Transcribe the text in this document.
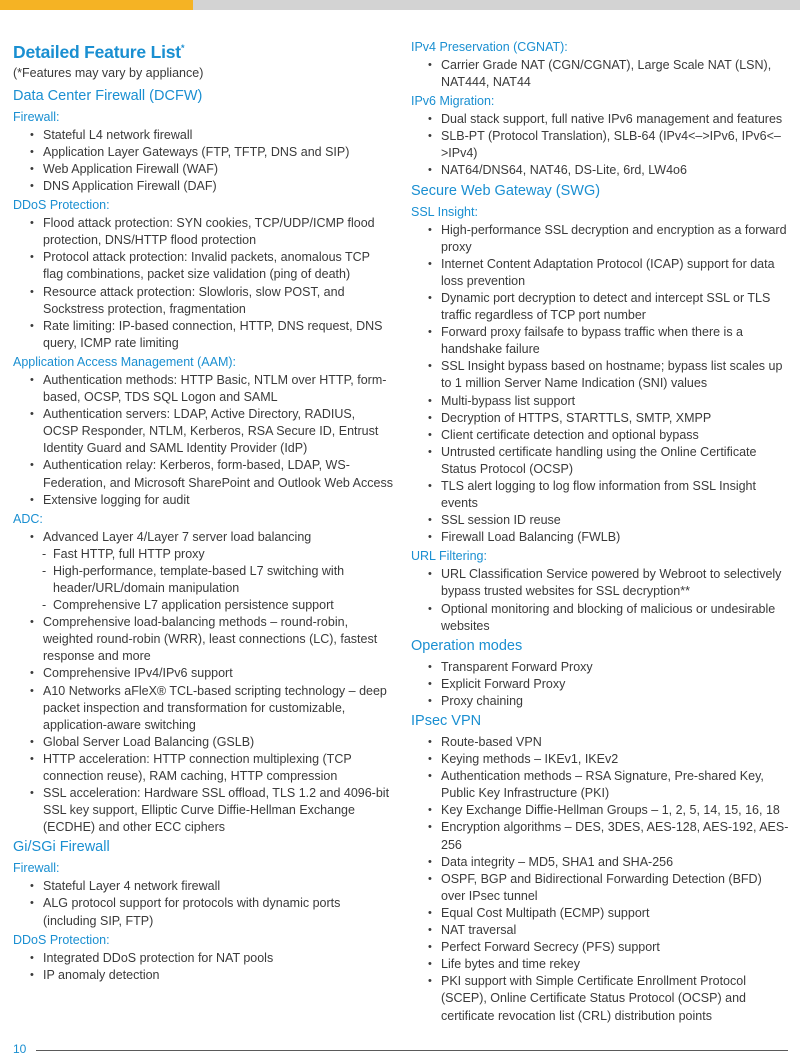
Detailed Feature List*

(*Features may vary by appliance)

Data Center Firewall (DCFW)
Firewall:
• Stateful L4 network firewall
• Application Layer Gateways (FTP, TFTP, DNS and SIP)
• Web Application Firewall (WAF)
• DNS Application Firewall (DAF)
DDoS Protection:
• Flood attack protection: SYN cookies, TCP/UDP/ICMP flood protection, DNS/HTTP flood protection
• Protocol attack protection: Invalid packets, anomalous TCP flag combinations, packet size validation (ping of death)
• Resource attack protection: Slowloris, slow POST, and Sockstress protection, fragmentation
• Rate limiting: IP-based connection, HTTP, DNS request, DNS query, ICMP rate limiting
Application Access Management (AAM):
• Authentication methods: HTTP Basic, NTLM over HTTP, form-based, OCSP, TDS SQL Logon and SAML
• Authentication servers: LDAP, Active Directory, RADIUS, OCSP Responder, NTLM, Kerberos, RSA Secure ID, Entrust Identity Guard and SAML Identity Provider (IdP)
• Authentication relay: Kerberos, form-based, LDAP, WS-Federation, and Microsoft SharePoint and Outlook Web Access
• Extensive logging for audit
ADC:
• Advanced Layer 4/Layer 7 server load balancing
- Fast HTTP, full HTTP proxy
- High-performance, template-based L7 switching with header/URL/domain manipulation
- Comprehensive L7 application persistence support
• Comprehensive load-balancing methods – round-robin, weighted round-robin (WRR), least connections (LC), fastest response and more
• Comprehensive IPv4/IPv6 support
• A10 Networks aFleX® TCL-based scripting technology – deep packet inspection and transformation for customizable, application-aware switching
• Global Server Load Balancing (GSLB)
• HTTP acceleration: HTTP connection multiplexing (TCP connection reuse), RAM caching, HTTP compression
• SSL acceleration: Hardware SSL offload, TLS 1.2 and 4096-bit SSL key support, Elliptic Curve Diffie-Hellman Exchange (ECDHE) and other ECC ciphers
Gi/SGi Firewall
Firewall:
• Stateful Layer 4 network firewall
• ALG protocol support for protocols with dynamic ports (including SIP, FTP)
DDoS Protection:
• Integrated DDoS protection for NAT pools
• IP anomaly detection
IPv4 Preservation (CGNAT):
• Carrier Grade NAT (CGN/CGNAT), Large Scale NAT (LSN), NAT444, NAT44
IPv6 Migration:
• Dual stack support, full native IPv6 management and features
• SLB-PT (Protocol Translation), SLB-64 (IPv4<–>IPv6, IPv6<–>IPv4)
• NAT64/DNS64, NAT46, DS-Lite, 6rd, LW4o6
Secure Web Gateway (SWG)
SSL Insight:
• High-performance SSL decryption and encryption as a forward proxy
• Internet Content Adaptation Protocol (ICAP) support for data loss prevention
• Dynamic port decryption to detect and intercept SSL or TLS traffic regardless of TCP port number
• Forward proxy failsafe to bypass traffic when there is a handshake failure
• SSL Insight bypass based on hostname; bypass list scales up to 1 million Server Name Indication (SNI) values
• Multi-bypass list support
• Decryption of HTTPS, STARTTLS, SMTP, XMPP
• Client certificate detection and optional bypass
• Untrusted certificate handling using the Online Certificate Status Protocol (OCSP)
• TLS alert logging to log flow information from SSL Insight events
• SSL session ID reuse
• Firewall Load Balancing (FWLB)
URL Filtering:
• URL Classification Service powered by Webroot to selectively bypass trusted websites for SSL decryption**
• Optional monitoring and blocking of malicious or undesirable websites
Operation modes
• Transparent Forward Proxy
• Explicit Forward Proxy
• Proxy chaining
IPsec VPN
• Route-based VPN
• Keying methods – IKEv1, IKEv2
• Authentication methods – RSA Signature, Pre-shared Key, Public Key Infrastructure (PKI)
• Key Exchange Diffie-Hellman Groups – 1, 2, 5, 14, 15, 16, 18
• Encryption algorithms – DES, 3DES, AES-128, AES-192, AES-256
• Data integrity – MD5, SHA1 and SHA-256
• OSPF, BGP and Bidirectional Forwarding Detection (BFD) over IPsec tunnel
• Equal Cost Multipath (ECMP) support
• NAT traversal
• Perfect Forward Secrecy (PFS) support
• Life bytes and time rekey
• PKI support with Simple Certificate Enrollment Protocol (SCEP), Online Certificate Status Protocol (OCSP) and certificate revocation list (CRL) distribution points
10
